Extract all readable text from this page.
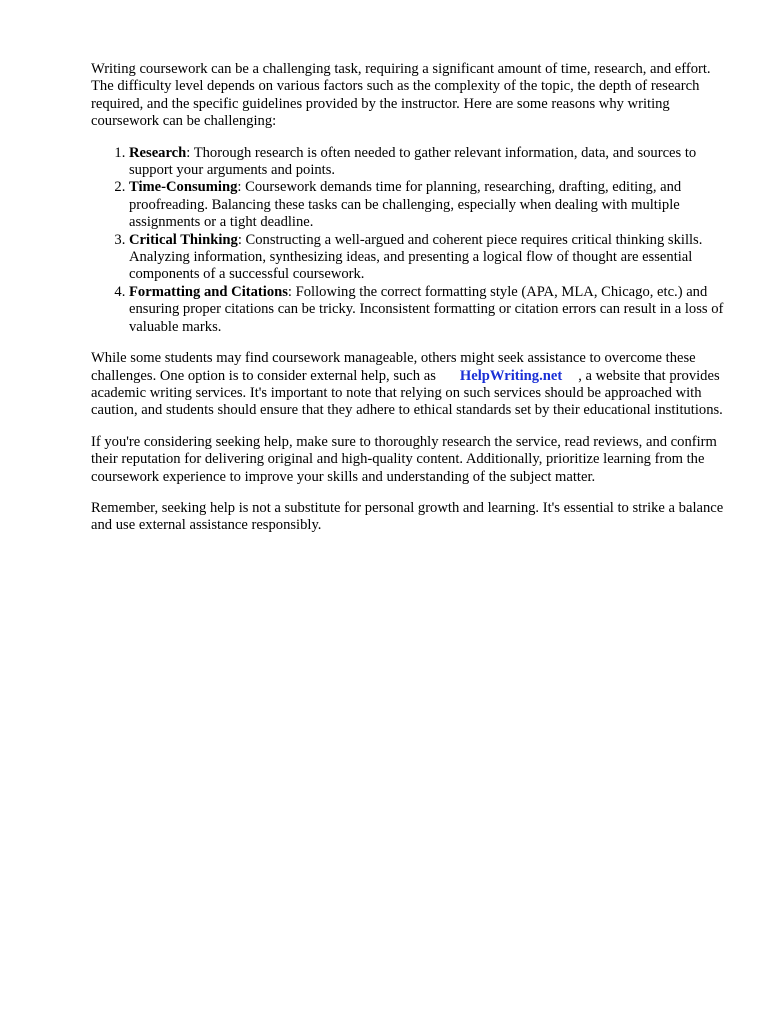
Writing coursework can be a challenging task, requiring a significant amount of time, research, and effort. The difficulty level depends on various factors such as the complexity of the topic, the depth of research required, and the specific guidelines provided by the instructor. Here are some reasons why writing coursework can be challenging:

1. Research: Thorough research is often needed to gather relevant information, data, and sources to support your arguments and points.
2. Time-Consuming: Coursework demands time for planning, researching, drafting, editing, and proofreading. Balancing these tasks can be challenging, especially when dealing with multiple assignments or a tight deadline.
3. Critical Thinking: Constructing a well-argued and coherent piece requires critical thinking skills. Analyzing information, synthesizing ideas, and presenting a logical flow of thought are essential components of a successful coursework.
4. Formatting and Citations: Following the correct formatting style (APA, MLA, Chicago, etc.) and ensuring proper citations can be tricky. Inconsistent formatting or citation errors can result in a loss of valuable marks.

While some students may find coursework manageable, others might seek assistance to overcome these challenges. One option is to consider external help, such as HelpWriting.net , a website that provides academic writing services. It's important to note that relying on such services should be approached with caution, and students should ensure that they adhere to ethical standards set by their educational institutions.

If you're considering seeking help, make sure to thoroughly research the service, read reviews, and confirm their reputation for delivering original and high-quality content. Additionally, prioritize learning from the coursework experience to improve your skills and understanding of the subject matter.

Remember, seeking help is not a substitute for personal growth and learning. It's essential to strike a balance and use external assistance responsibly.
